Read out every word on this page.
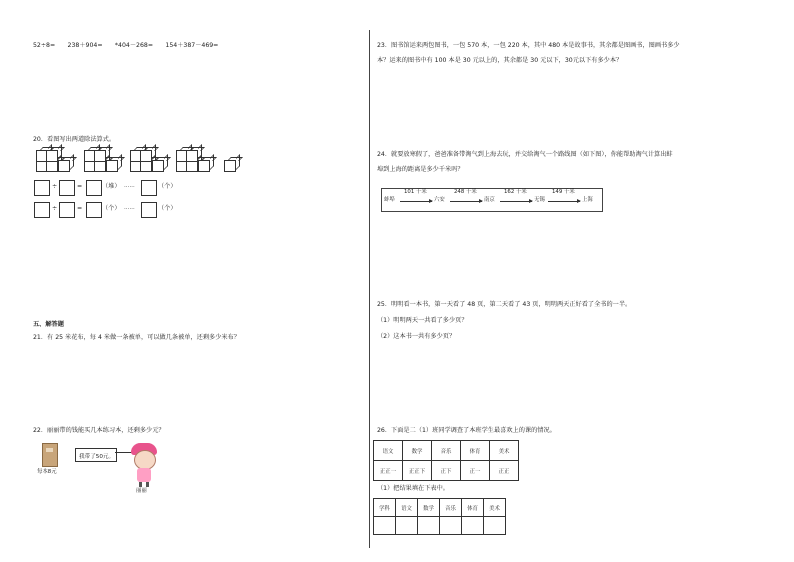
52÷8=　　238＋904=　　*404－268=　　154＋387－469=
20．看图写出两道除法算式。
÷	=	（堆） ……	（个）
÷	=	（个） ……	（个）
五、解答题
21．有 25 米花布，每 4 米做一条被单，可以做几条被单，还剩多少米布？
22．丽丽带的钱能买几本练习本，还剩多少元？
每本8元
我带了50元。
丽丽
23．图书馆运来两包图书，一包 570 本，一包 220 本，其中 480 本是故事书，其余都是图画书，图画书多少
本？运来的图书中有 100 本是 30 元以上的，其余都是 30 元以下，30元以下有多少本？
24．就要放寒假了，爸爸准备带淘气到上海去玩，并交给淘气一个路线图（如下图），你能帮助淘气计算出蚌
埠到上海的距离是多少千米吗？
蚌埠
101 千米
六安
248 千米
南京
162 千米
无锡
149 千米
上海
25．明明看一本书，第一天看了 48 页，第二天看了 43 页，明明两天正好看了全书的一半。
（1）明明两天一共看了多少页？
（2）这本书一共有多少页？
26．下面是二（1）班同学调查了本班学生最喜欢上的课的情况。
语文	数学	音乐	体育	美术
正正一	正正下	正下	正一	正正
（1）把结果填在下表中。
学科	语文	数学	音乐	体育	美术
